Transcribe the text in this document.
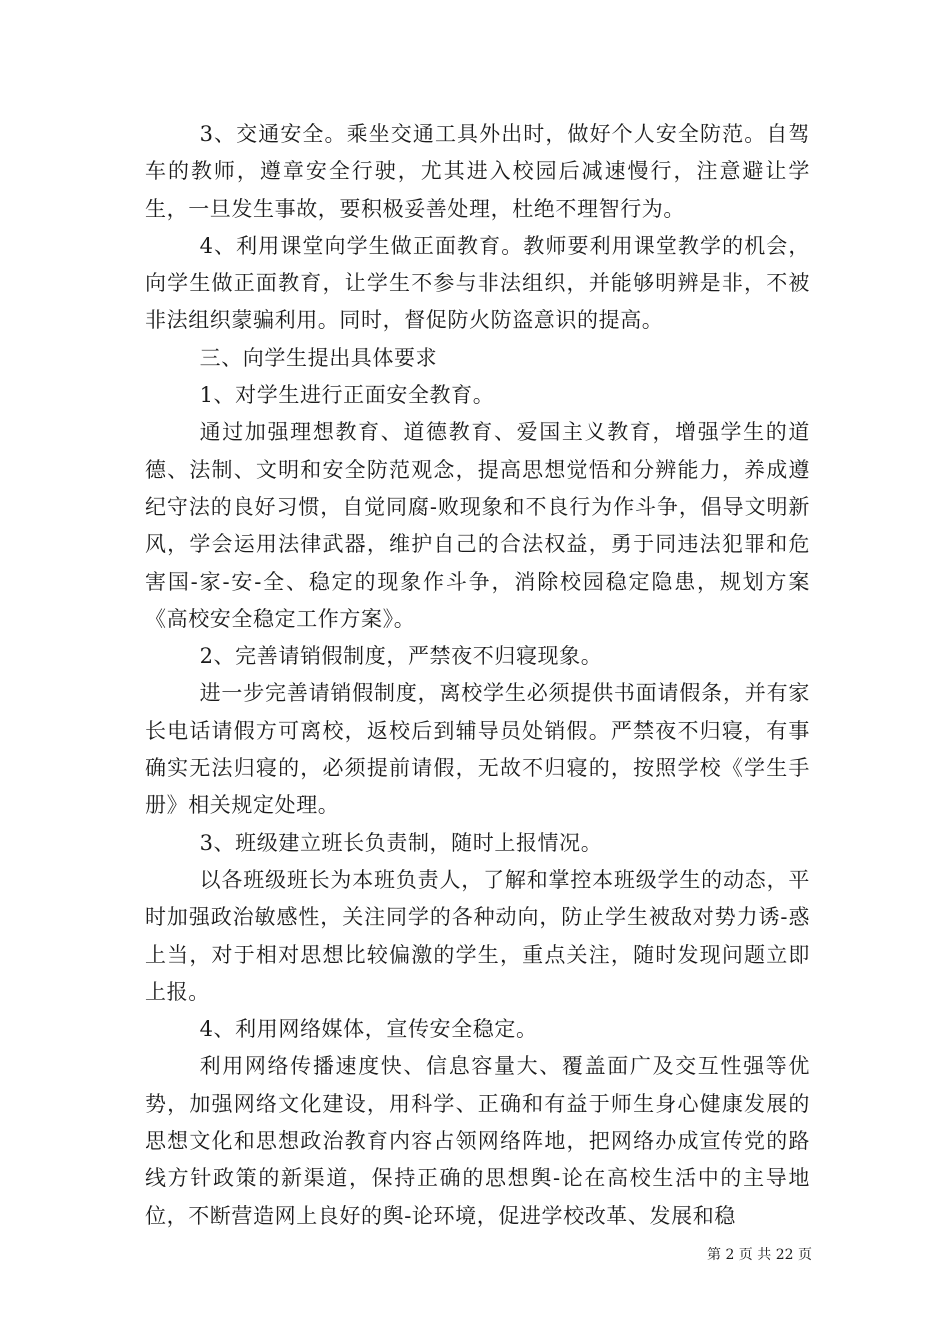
3、交通安全。乘坐交通工具外出时，做好个人安全防范。自驾车的教师，遵章安全行驶，尤其进入校园后减速慢行，注意避让学生，一旦发生事故，要积极妥善处理，杜绝不理智行为。

4、利用课堂向学生做正面教育。教师要利用课堂教学的机会，向学生做正面教育，让学生不参与非法组织，并能够明辨是非，不被非法组织蒙骗利用。同时，督促防火防盗意识的提高。

三、向学生提出具体要求

1、对学生进行正面安全教育。

通过加强理想教育、道德教育、爱国主义教育，增强学生的道德、法制、文明和安全防范观念，提高思想觉悟和分辨能力，养成遵纪守法的良好习惯，自觉同腐-败现象和不良行为作斗争，倡导文明新风，学会运用法律武器，维护自己的合法权益，勇于同违法犯罪和危害国-家-安-全、稳定的现象作斗争，消除校园稳定隐患，规划方案《高校安全稳定工作方案》。

2、完善请销假制度，严禁夜不归寝现象。

进一步完善请销假制度，离校学生必须提供书面请假条，并有家长电话请假方可离校，返校后到辅导员处销假。严禁夜不归寝，有事确实无法归寝的，必须提前请假，无故不归寝的，按照学校《学生手册》相关规定处理。

3、班级建立班长负责制，随时上报情况。

以各班级班长为本班负责人，了解和掌控本班级学生的动态，平时加强政治敏感性，关注同学的各种动向，防止学生被敌对势力诱-惑上当，对于相对思想比较偏激的学生，重点关注，随时发现问题立即上报。

4、利用网络媒体，宣传安全稳定。

利用网络传播速度快、信息容量大、覆盖面广及交互性强等优势，加强网络文化建设，用科学、正确和有益于师生身心健康发展的思想文化和思想政治教育内容占领网络阵地，把网络办成宣传党的路线方针政策的新渠道，保持正确的思想舆-论在高校生活中的主导地位，不断营造网上良好的舆-论环境，促进学校改革、发展和稳

第 2 页 共 22 页
